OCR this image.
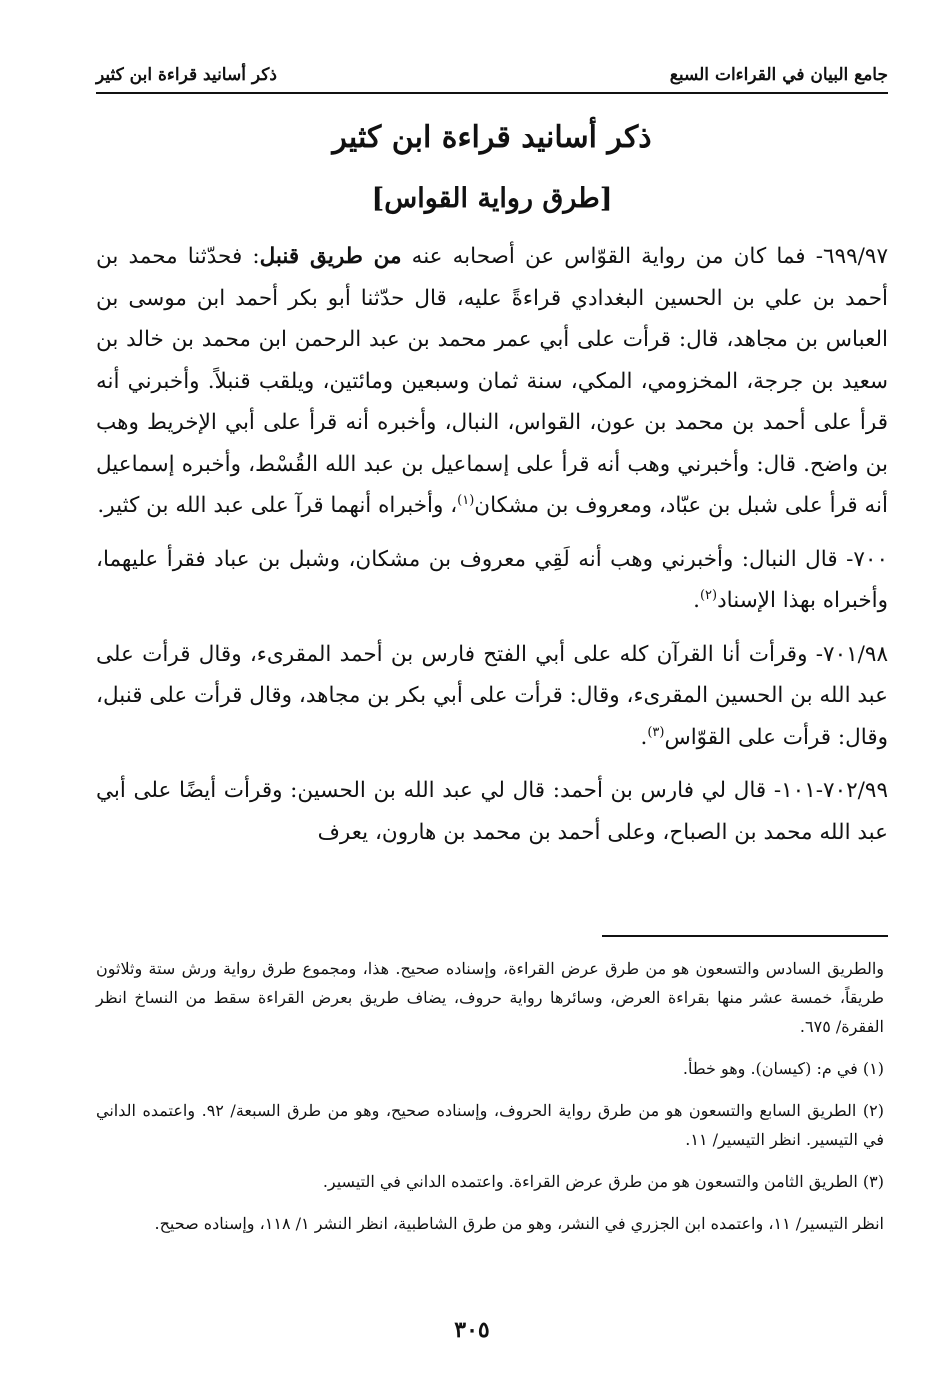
جامع البيان في القراءات السبع
ذكر أسانيد قراءة ابن كثير
ذكر أسانيد قراءة ابن كثير
[طرق رواية القواس]

٦٩٩/٩٧- فما كان من رواية القوّاس عن أصحابه عنه من طريق قنبل: فحدّثنا محمد بن أحمد بن علي بن الحسين البغدادي قراءةً عليه، قال حدّثنا أبو بكر أحمد ابن موسى بن العباس بن مجاهد، قال: قرأت على أبي عمر محمد بن عبد الرحمن ابن محمد بن خالد بن سعيد بن جرجة، المخزومي، المكي، سنة ثمان وسبعين ومائتين، ويلقب قنبلاً. وأخبرني أنه قرأ على أحمد بن محمد بن عون، القواس، النبال، وأخبره أنه قرأ على أبي الإخريط وهب بن واضح. قال: وأخبرني وهب أنه قرأ على إسماعيل بن عبد الله القُسْط، وأخبره إسماعيل أنه قرأ على شبل بن عبّاد، ومعروف بن مشكان$^{(١)}$، وأخبراه أنهما قرآ على عبد الله بن كثير.

٧٠٠- قال النبال: وأخبرني وهب أنه لَقِي معروف بن مشكان، وشبل بن عباد فقرأ عليهما، وأخبراه بهذا الإسناد$^{(٢)}$.

٧٠١/٩٨- وقرأت أنا القرآن كله على أبي الفتح فارس بن أحمد المقرىء، وقال قرأت على عبد الله بن الحسين المقرىء، وقال: قرأت على أبي بكر بن مجاهد، وقال قرأت على قنبل، وقال: قرأت على القوّاس$^{(٣)}$.

٧٠٢/٩٩-١٠١- قال لي فارس بن أحمد: قال لي عبد الله بن الحسين: وقرأت أيضًا على أبي عبد الله محمد بن الصباح، وعلى أحمد بن محمد بن هارون، يعرف

والطريق السادس والتسعون هو من طرق عرض القراءة، وإسناده صحيح. هذا، ومجموع طرق رواية ورش ستة وثلاثون طريقاً، خمسة عشر منها بقراءة العرض، وسائرها رواية حروف، يضاف طريق بعرض القراءة سقط من النساخ انظر الفقرة/ ٦٧٥.

(١) في م: (كيسان). وهو خطأ.

(٢) الطريق السابع والتسعون هو من طرق رواية الحروف، وإسناده صحيح، وهو من طرق السبعة/ ٩٢. واعتمده الداني في التيسير. انظر التيسير/ ١١.

(٣) الطريق الثامن والتسعون هو من طرق عرض القراءة. واعتمده الداني في التيسير.

انظر التيسير/ ١١، واعتمده ابن الجزري في النشر، وهو من طرق الشاطبية، انظر النشر ١/ ١١٨، وإسناده صحيح.

٣٠٥
